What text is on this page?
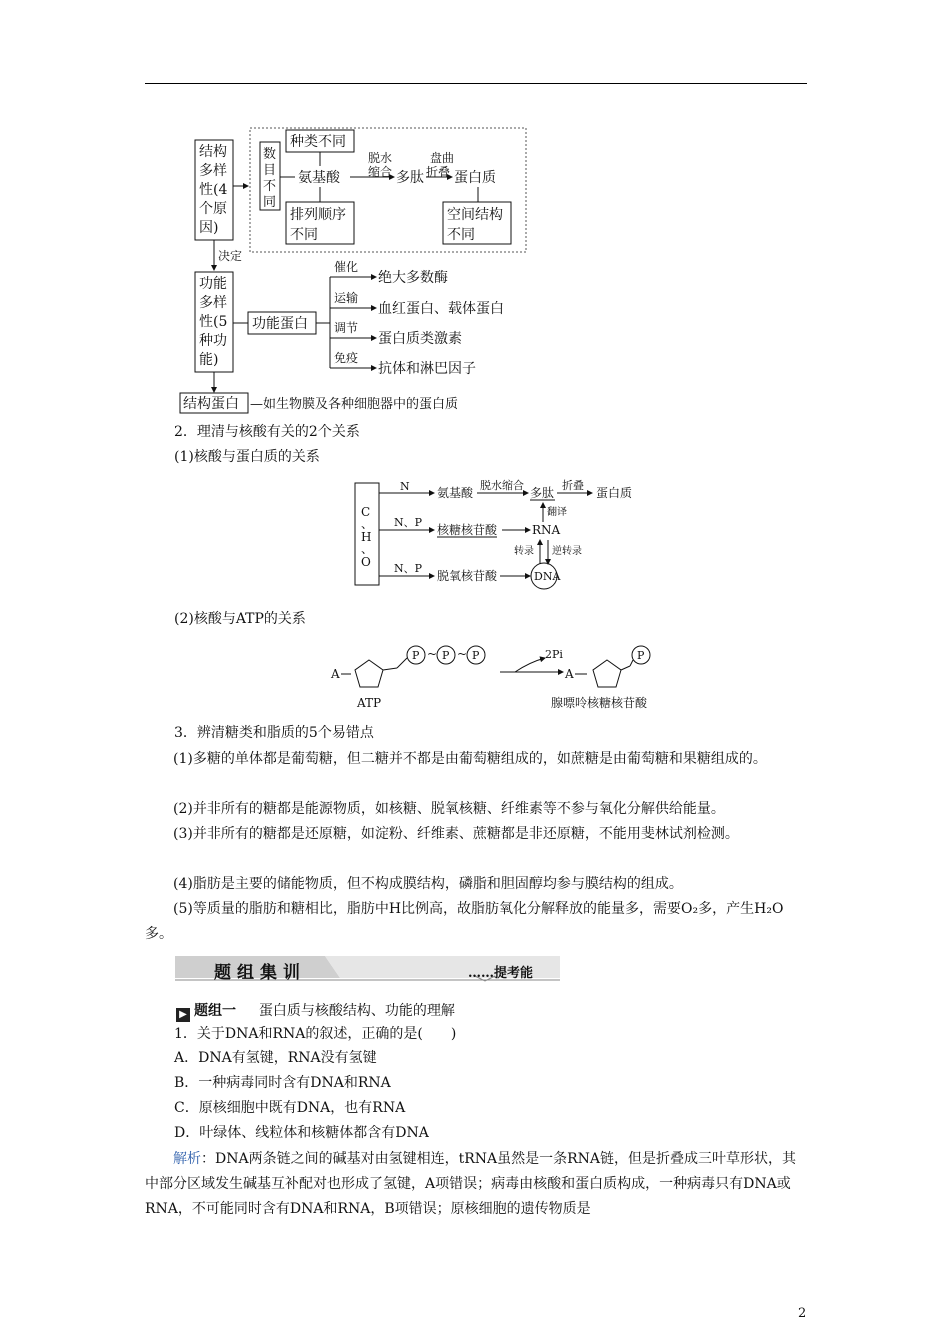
结构
多样
性(4
个原
因)
数
目
不
同
种类不同
氨基酸
排列顺序
不同
脱水
缩合 多肽
盘曲
折叠 蛋白质
空间结构
不同
决定
功能
多样
性(5
种功
能)
功能蛋白
催化
绝大多数酶
运输
血红蛋白、载体蛋白
调节
蛋白质类激素
免疫
抗体和淋巴因子
结构蛋白 —如生物膜及各种细胞器中的蛋白质
2．理清与核酸有关的2个关系
(1)核酸与蛋白质的关系
C
、
H
、
O
N 氨基酸
脱水缩合
多肽
折叠
蛋白质
翻译
N、P
核糖核苷酸	RNA
转录 逆转录
N、P
脱氧核苷酸	DNA
(2)核酸与ATP的关系
A
P ~ P ~ P
ATP
2Pi
A
P
腺嘌呤核糖核苷酸
3．辨清糖类和脂质的5个易错点
(1)多糖的单体都是葡萄糖，但二糖并不都是由葡萄糖组成的，如蔗糖是由葡萄糖和果糖组成的。
(2)并非所有的糖都是能源物质，如核糖、脱氧核糖、纤维素等不参与氧化分解供给能量。
(3)并非所有的糖都是还原糖，如淀粉、纤维素、蔗糖都是非还原糖，不能用斐林试剂检测。
(4)脂肪是主要的储能物质，但不构成膜结构，磷脂和胆固醇均参与膜结构的组成。
(5)等质量的脂肪和糖相比，脂肪中H比例高，故脂肪氧化分解释放的能量多，需要O₂多，产生H₂O多。
题组集训	……提考能
▶ 题组一 蛋白质与核酸结构、功能的理解
1．关于DNA和RNA的叙述，正确的是(　　)
A．DNA有氢键，RNA没有氢键
B．一种病毒同时含有DNA和RNA
C．原核细胞中既有DNA，也有RNA
D．叶绿体、线粒体和核糖体都含有DNA
解析：DNA两条链之间的碱基对由氢键相连，tRNA虽然是一条RNA链，但是折叠成三叶草形状，其中部分区域发生碱基互补配对也形成了氢键，A项错误；病毒由核酸和蛋白质构成，一种病毒只有DNA或RNA，不可能同时含有DNA和RNA，B项错误；原核细胞的遗传物质是
2
